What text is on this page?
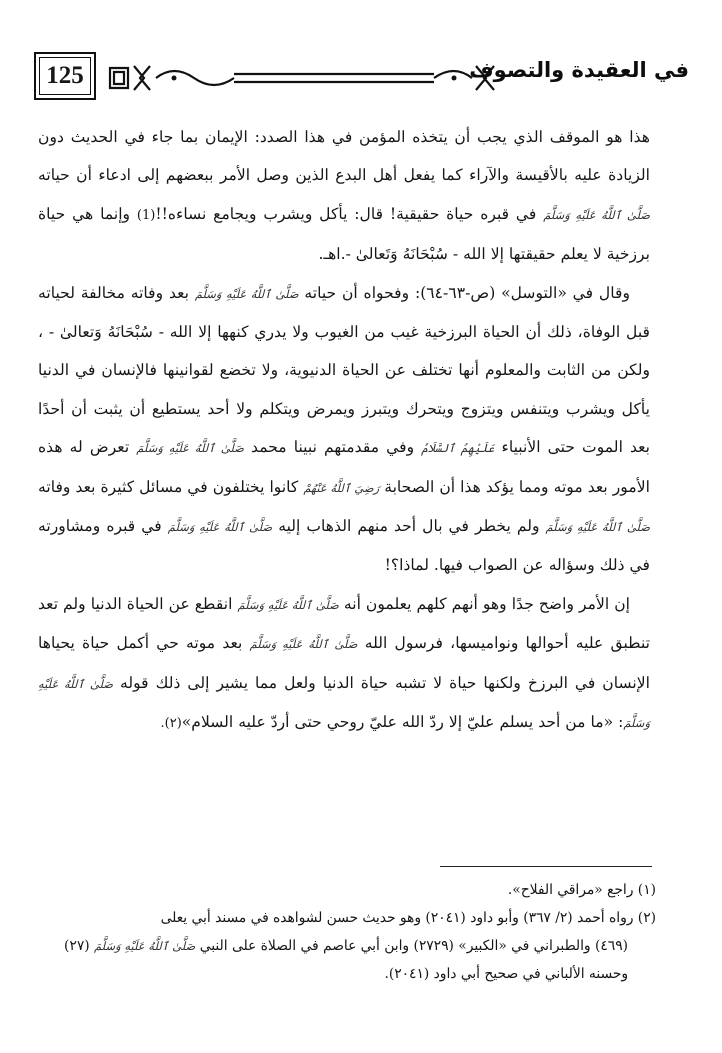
125	في العقيدة والتصوف

هذا هو الموقف الذي يجب أن يتخذه المؤمن في هذا الصدد: الإيمان بما جاء في الحديث دون الزيادة عليه بالأقيسة والآراء كما يفعل أهل البدع الذين وصل الأمر ببعضهم إلى ادعاء أن حياته صَلَّىٰ ٱللَّهُ عَلَيْهِ وَسَلَّمَ في قبره حياة حقيقية! قال: يأكل ويشرب ويجامع نساءه!!(1) وإنما هي حياة برزخية لا يعلم حقيقتها إلا الله - سُبْحَانَهُ وَتَعالىٰ -.اهـ.

وقال في «التوسل» (ص-٦٣-٦٤): وفحواه أن حياته صَلَّىٰ ٱللَّهُ عَلَيْهِ وَسَلَّمَ بعد وفاته مخالفة لحياته قبل الوفاة، ذلك أن الحياة البرزخية غيب من الغيوب ولا يدري كنهها إلا الله - سُبْحَانَهُ وَتعالىٰ - ، ولكن من الثابت والمعلوم أنها تختلف عن الحياة الدنيوية، ولا تخضع لقوانينها فالإنسان في الدنيا يأكل ويشرب ويتنفس ويتزوج ويتحرك ويتبرز ويمرض ويتكلم ولا أحد يستطيع أن يثبت أن أحدًا بعد الموت حتى الأنبياء عَلَيْهِمُ ٱلسَّلَامُ وفي مقدمتهم نبينا محمد صَلَّىٰ ٱللَّهُ عَلَيْهِ وَسَلَّمَ تعرض له هذه الأمور بعد موته ومما يؤكد هذا أن الصحابة رَضِيَ ٱللَّهُ عَنْهُمْ كانوا يختلفون في مسائل كثيرة بعد وفاته صَلَّىٰ ٱللَّهُ عَلَيْهِ وَسَلَّمَ ولم يخطر في بال أحد منهم الذهاب إليه صَلَّىٰ ٱللَّهُ عَلَيْهِ وَسَلَّمَ في قبره ومشاورته في ذلك وسؤاله عن الصواب فيها. لماذا؟!

إن الأمر واضح جدًا وهو أنهم كلهم يعلمون أنه صَلَّىٰ ٱللَّهُ عَلَيْهِ وَسَلَّمَ انقطع عن الحياة الدنيا ولم تعد تنطبق عليه أحوالها ونواميسها، فرسول الله صَلَّىٰ ٱللَّهُ عَلَيْهِ وَسَلَّمَ بعد موته حي أكمل حياة يحياها الإنسان في البرزخ ولكنها حياة لا تشبه حياة الدنيا ولعل مما يشير إلى ذلك قوله صَلَّىٰ ٱللَّهُ عَلَيْهِ وَسَلَّمَ: «ما من أحد يسلم عليّ إلا ردّ الله عليّ روحي حتى أردّ عليه السلام»(٢).

(١) راجع «مراقي الفلاح».

(٢) رواه أحمد (٢/ ٣٦٧) وأبو داود (٢٠٤١) وهو حديث حسن لشواهده في مسند أبي يعلى

(٤٦٩) والطبراني في «الكبير» (٢٧٢٩) وابن أبي عاصم في الصلاة على النبي صَلَّىٰ ٱللَّهُ عَلَيْهِ وَسَلَّمَ (٢٧)

وحسنه الألباني في صحيح أبي داود (٢٠٤١).
